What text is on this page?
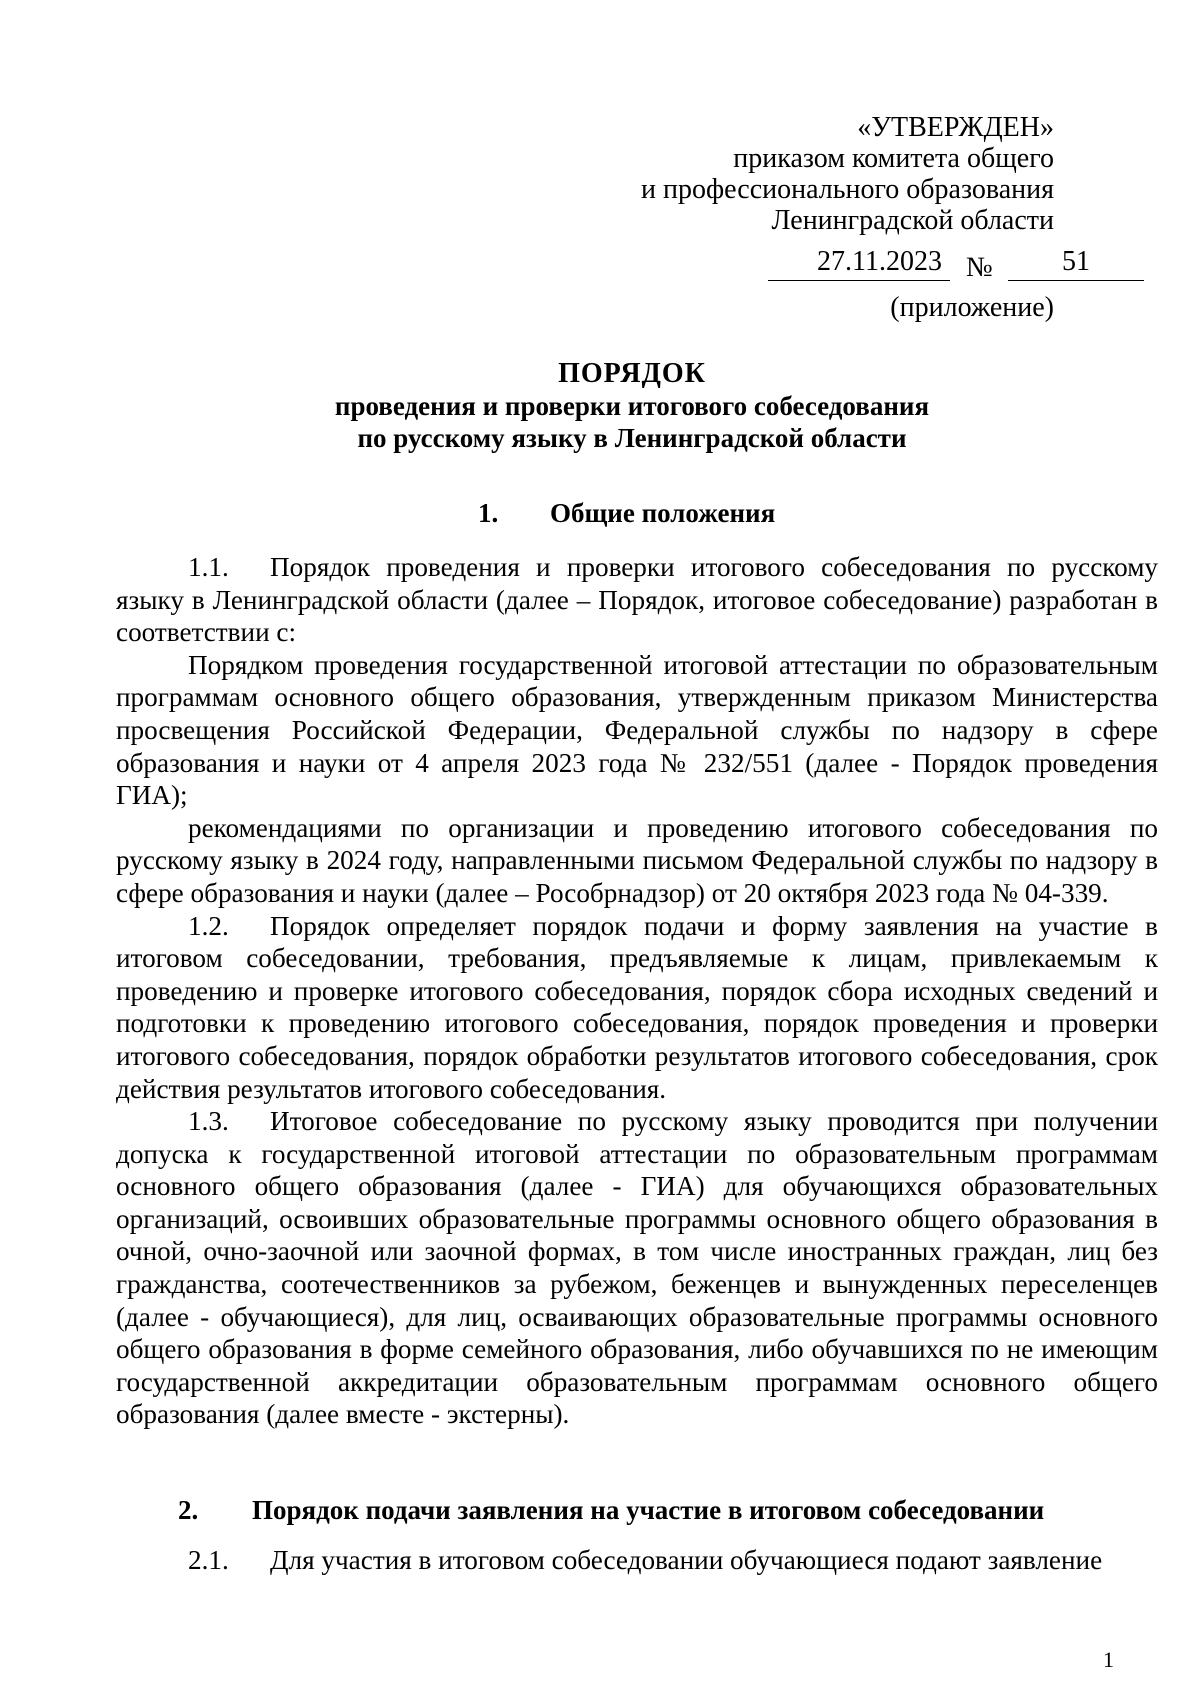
«УТВЕРЖДЕН»
приказом комитета общего
и профессионального образования
Ленинградской области
27.11.2023 №	51
(приложение)
ПОРЯДОК
проведения и проверки итогового собеседования
по русскому языку в Ленинградской области
1. Общие положения

1.1. Порядок проведения и проверки итогового собеседования по русскому языку в Ленинградской области (далее – Порядок, итоговое собеседование) разработан в соответствии с:

Порядком проведения государственной итоговой аттестации по образовательным программам основного общего образования, утвержденным приказом Министерства просвещения Российской Федерации, Федеральной службы по надзору в сфере образования и науки от 4 апреля 2023 года № 232/551 (далее - Порядок проведения ГИА);

рекомендациями по организации и проведению итогового собеседования по русскому языку в 2024 году, направленными письмом Федеральной службы по надзору в сфере образования и науки (далее – Рособрнадзор) от 20 октября 2023 года № 04-339.

1.2. Порядок определяет порядок подачи и форму заявления на участие в итоговом собеседовании, требования, предъявляемые к лицам, привлекаемым к проведению и проверке итогового собеседования, порядок сбора исходных сведений и подготовки к проведению итогового собеседования, порядок проведения и проверки итогового собеседования, порядок обработки результатов итогового собеседования, срок действия результатов итогового собеседования.

1.3. Итоговое собеседование по русскому языку проводится при получении допуска к государственной итоговой аттестации по образовательным программам основного общего образования (далее - ГИА) для обучающихся образовательных организаций, освоивших образовательные программы основного общего образования в очной, очно-заочной или заочной формах, в том числе иностранных граждан, лиц без гражданства, соотечественников за рубежом, беженцев и вынужденных переселенцев (далее - обучающиеся), для лиц, осваивающих образовательные программы основного общего образования в форме семейного образования, либо обучавшихся по не имеющим государственной аккредитации образовательным программам основного общего образования (далее вместе - экстерны).

2. Порядок подачи заявления на участие в итоговом собеседовании

2.1. Для участия в итоговом собеседовании обучающиеся подают заявление

1
